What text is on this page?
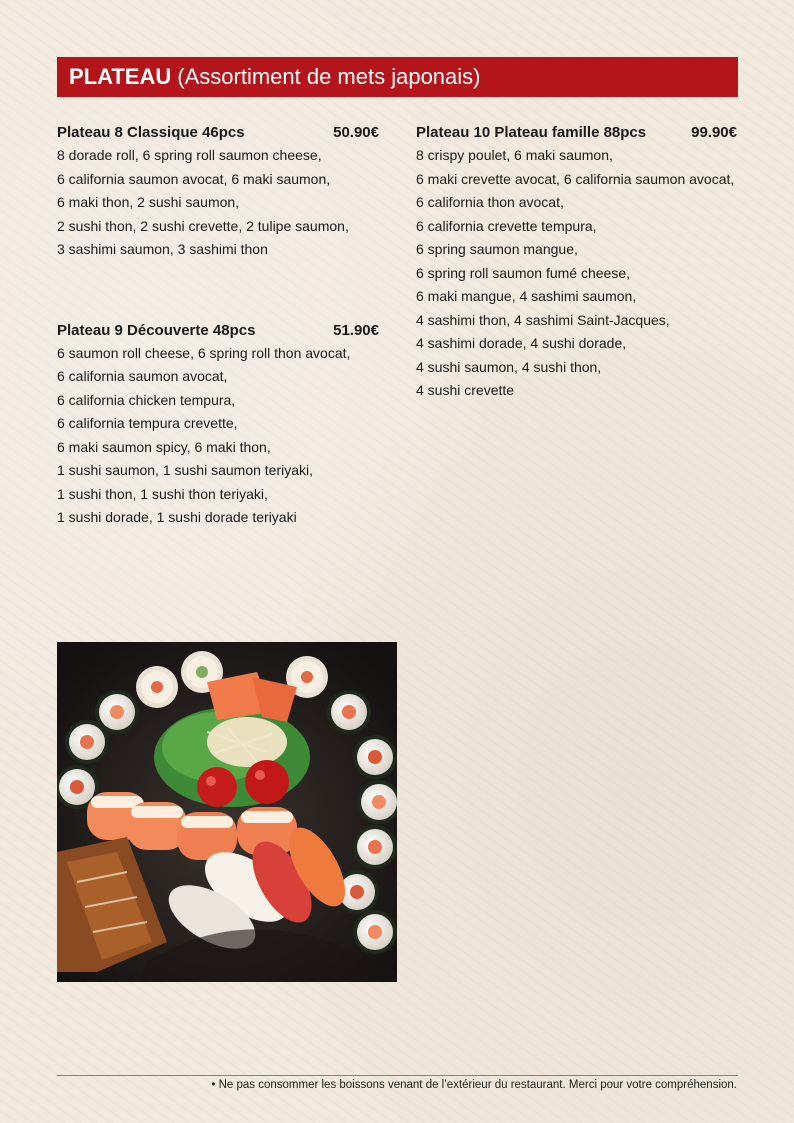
PLATEAU (Assortiment de mets japonais)
Plateau 8 Classique 46pcs	50.90€
8 dorade roll, 6 spring roll saumon cheese,
6 california saumon avocat, 6 maki saumon,
6 maki thon, 2 sushi saumon,
2 sushi thon, 2 sushi crevette, 2 tulipe saumon,
3 sashimi saumon, 3 sashimi thon
Plateau 9 Découverte 48pcs	51.90€
6 saumon roll cheese, 6 spring roll thon avocat,
6 california saumon avocat,
6 california chicken tempura,
6 california tempura crevette,
6 maki saumon spicy, 6 maki thon,
1 sushi saumon, 1 sushi saumon teriyaki,
1 sushi thon, 1 sushi thon teriyaki,
1 sushi dorade, 1 sushi dorade teriyaki
Plateau 10 Plateau famille 88pcs	99.90€
8 crispy poulet, 6 maki saumon,
6 maki crevette avocat, 6 california saumon avocat,
6 california thon avocat,
6 california crevette tempura,
6 spring saumon mangue,
6 spring roll saumon fumé cheese,
6 maki mangue, 4 sashimi saumon,
4 sashimi thon, 4 sashimi Saint-Jacques,
4 sashimi dorade, 4 sushi dorade,
4 sushi saumon, 4 sushi thon,
4 sushi crevette
• Ne pas consommer les boissons venant de l’extérieur du restaurant. Merci pour votre compréhension.
